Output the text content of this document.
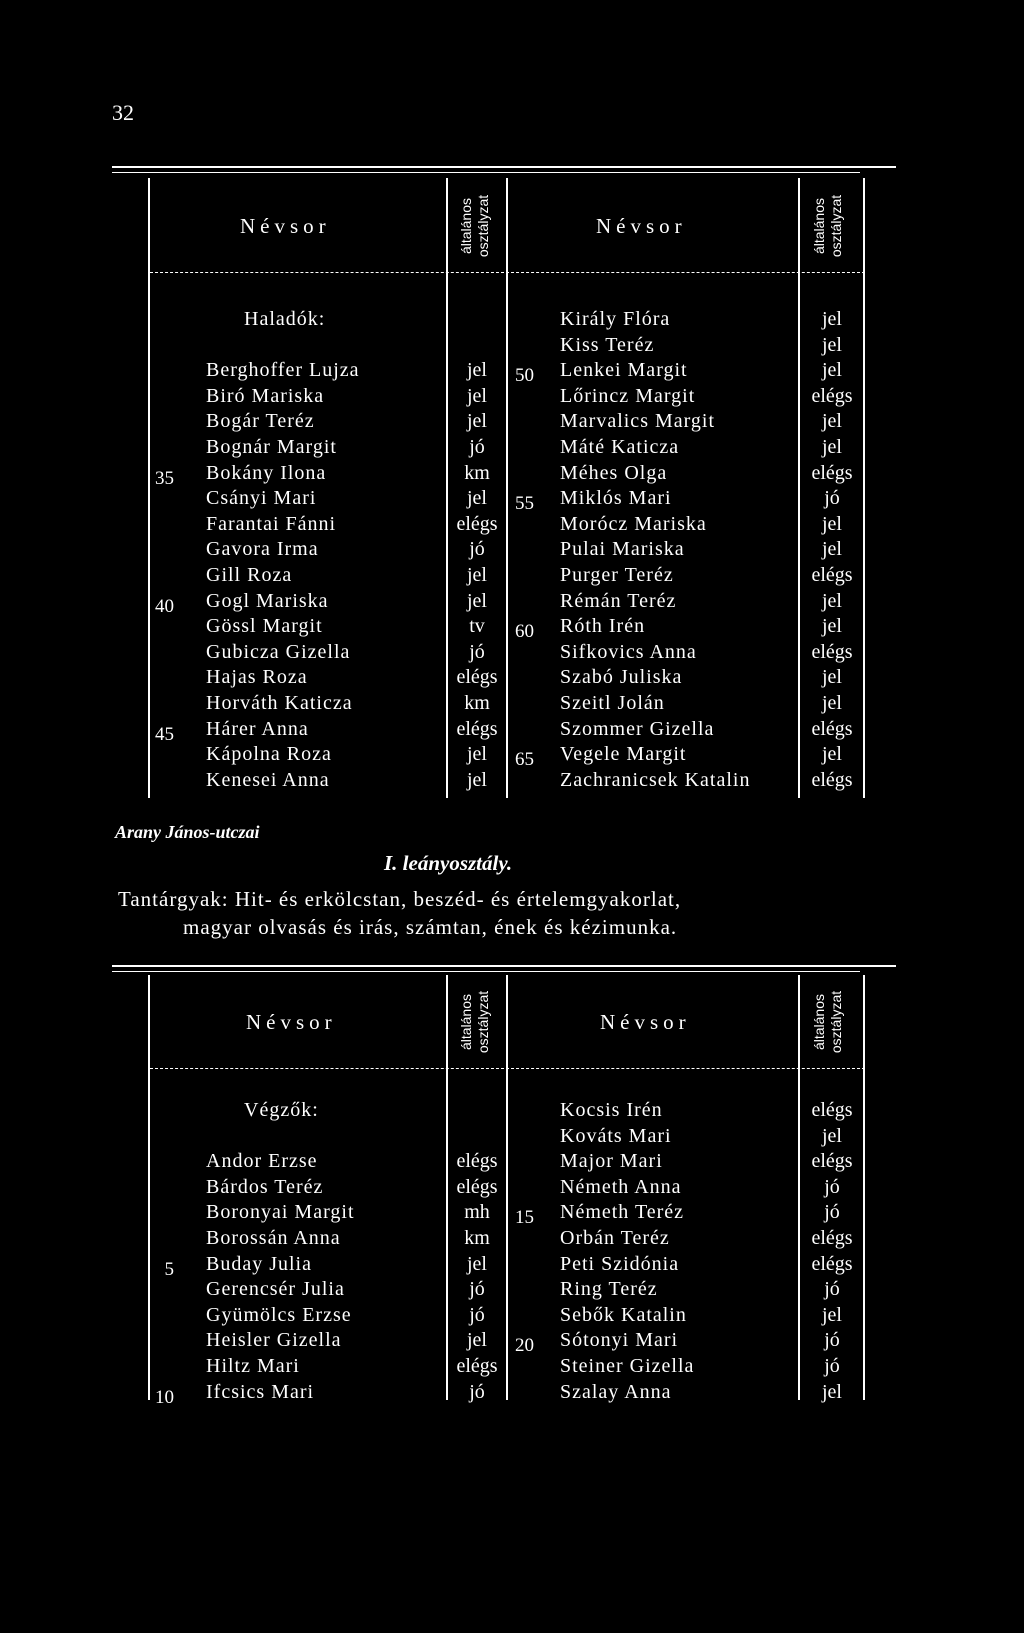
32
Névsor	általános osztályzat	Névsor	általános osztályzat
Haladók:
Berghoffer Lujza	jel
Biró Mariska	jel
Bogár Teréz	jel
Bognár Margit	jó
35 Bokány Ilona	km
Csányi Mari	jel
Farantai Fánni	elégs
Gavora Irma	jó
Gill Roza	jel
40 Gogl Mariska	jel
Gössl Margit	tv
Gubicza Gizella	jó
Hajas Roza	elégs
Horváth Katicza	km
45 Hárer Anna	elégs
Kápolna Roza	jel
Kenesei Anna	jel
Király Flóra	jel
Kiss Teréz	jel
50 Lenkei Margit	jel
Lőrincz Margit	elégs
Marvalics Margit	jel
Máté Katicza	jel
Méhes Olga	elégs
55 Miklós Mari	jó
Morócz Mariska	jel
Pulai Mariska	jel
Purger Teréz	elégs
Rémán Teréz	jel
60 Róth Irén	jel
Sifkovics Anna	elégs
Szabó Juliska	jel
Szeitl Jolán	jel
Szommer Gizella	elégs
65 Vegele Margit	jel
Zachranicsek Katalin	elégs
Arany János-utczai
I. leányosztály.
Tantárgyak: Hit- és erkölcstan, beszéd- és értelemgyakorlat,
magyar olvasás és irás, számtan, ének és kézimunka.
Névsor	általános osztályzat	Névsor	általános osztályzat
Végzők:
Andor Erzse	elégs
Bárdos Teréz	elégs
Boronyai Margit	mh
Borossán Anna	km
5 Buday Julia	jel
Gerencsér Julia	jó
Gyümölcs Erzse	jó
Heisler Gizella	jel
Hiltz Mari	elégs
10 Ifcsics Mari	jó
Kocsis Irén	elégs
Kováts Mari	jel
Major Mari	elégs
Németh Anna	jó
15 Németh Teréz	jó
Orbán Teréz	elégs
Peti Szidónia	elégs
Ring Teréz	jó
Sebők Katalin	jel
20 Sótonyi Mari	jó
Steiner Gizella	jó
Szalay Anna	jel
